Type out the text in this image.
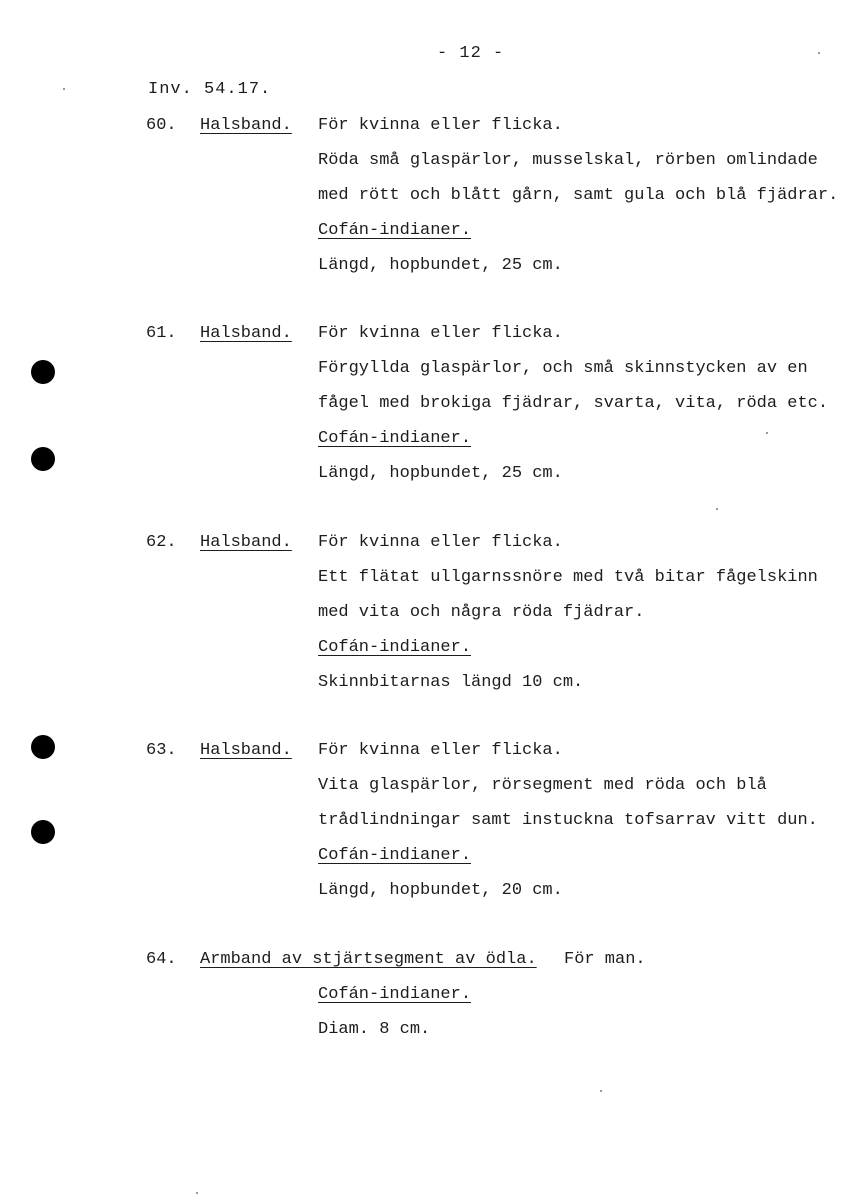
- 12 -
Inv. 54.17.
60. Halsband. För kvinna eller flicka.
Röda små glaspärlor, musselskal, rörben omlindade
med rött och blått gårn, samt gula och blå fjädrar.
Cofán-indianer.
Längd, hopbundet, 25 cm.
61. Halsband. För kvinna eller flicka.
Förgyllda glaspärlor, och små skinnstycken av en
fågel med brokiga fjädrar, svarta, vita, röda etc.
Cofán-indianer.
Längd, hopbundet, 25 cm.
62. Halsband. För kvinna eller flicka.
Ett flätat ullgarnssnöre med två bitar fågelskinn
med vita och några röda fjädrar.
Cofán-indianer.
Skinnbitarnas längd 10 cm.
63. Halsband. För kvinna eller flicka.
Vita glaspärlor, rörsegment med röda och blå
trådlindningar samt instuckna tofsarrav vitt dun.
Cofán-indianer.
Längd, hopbundet, 20 cm.
64. Armband av stjärtsegment av ödla. För man.
Cofán-indianer.
Diam. 8 cm.
